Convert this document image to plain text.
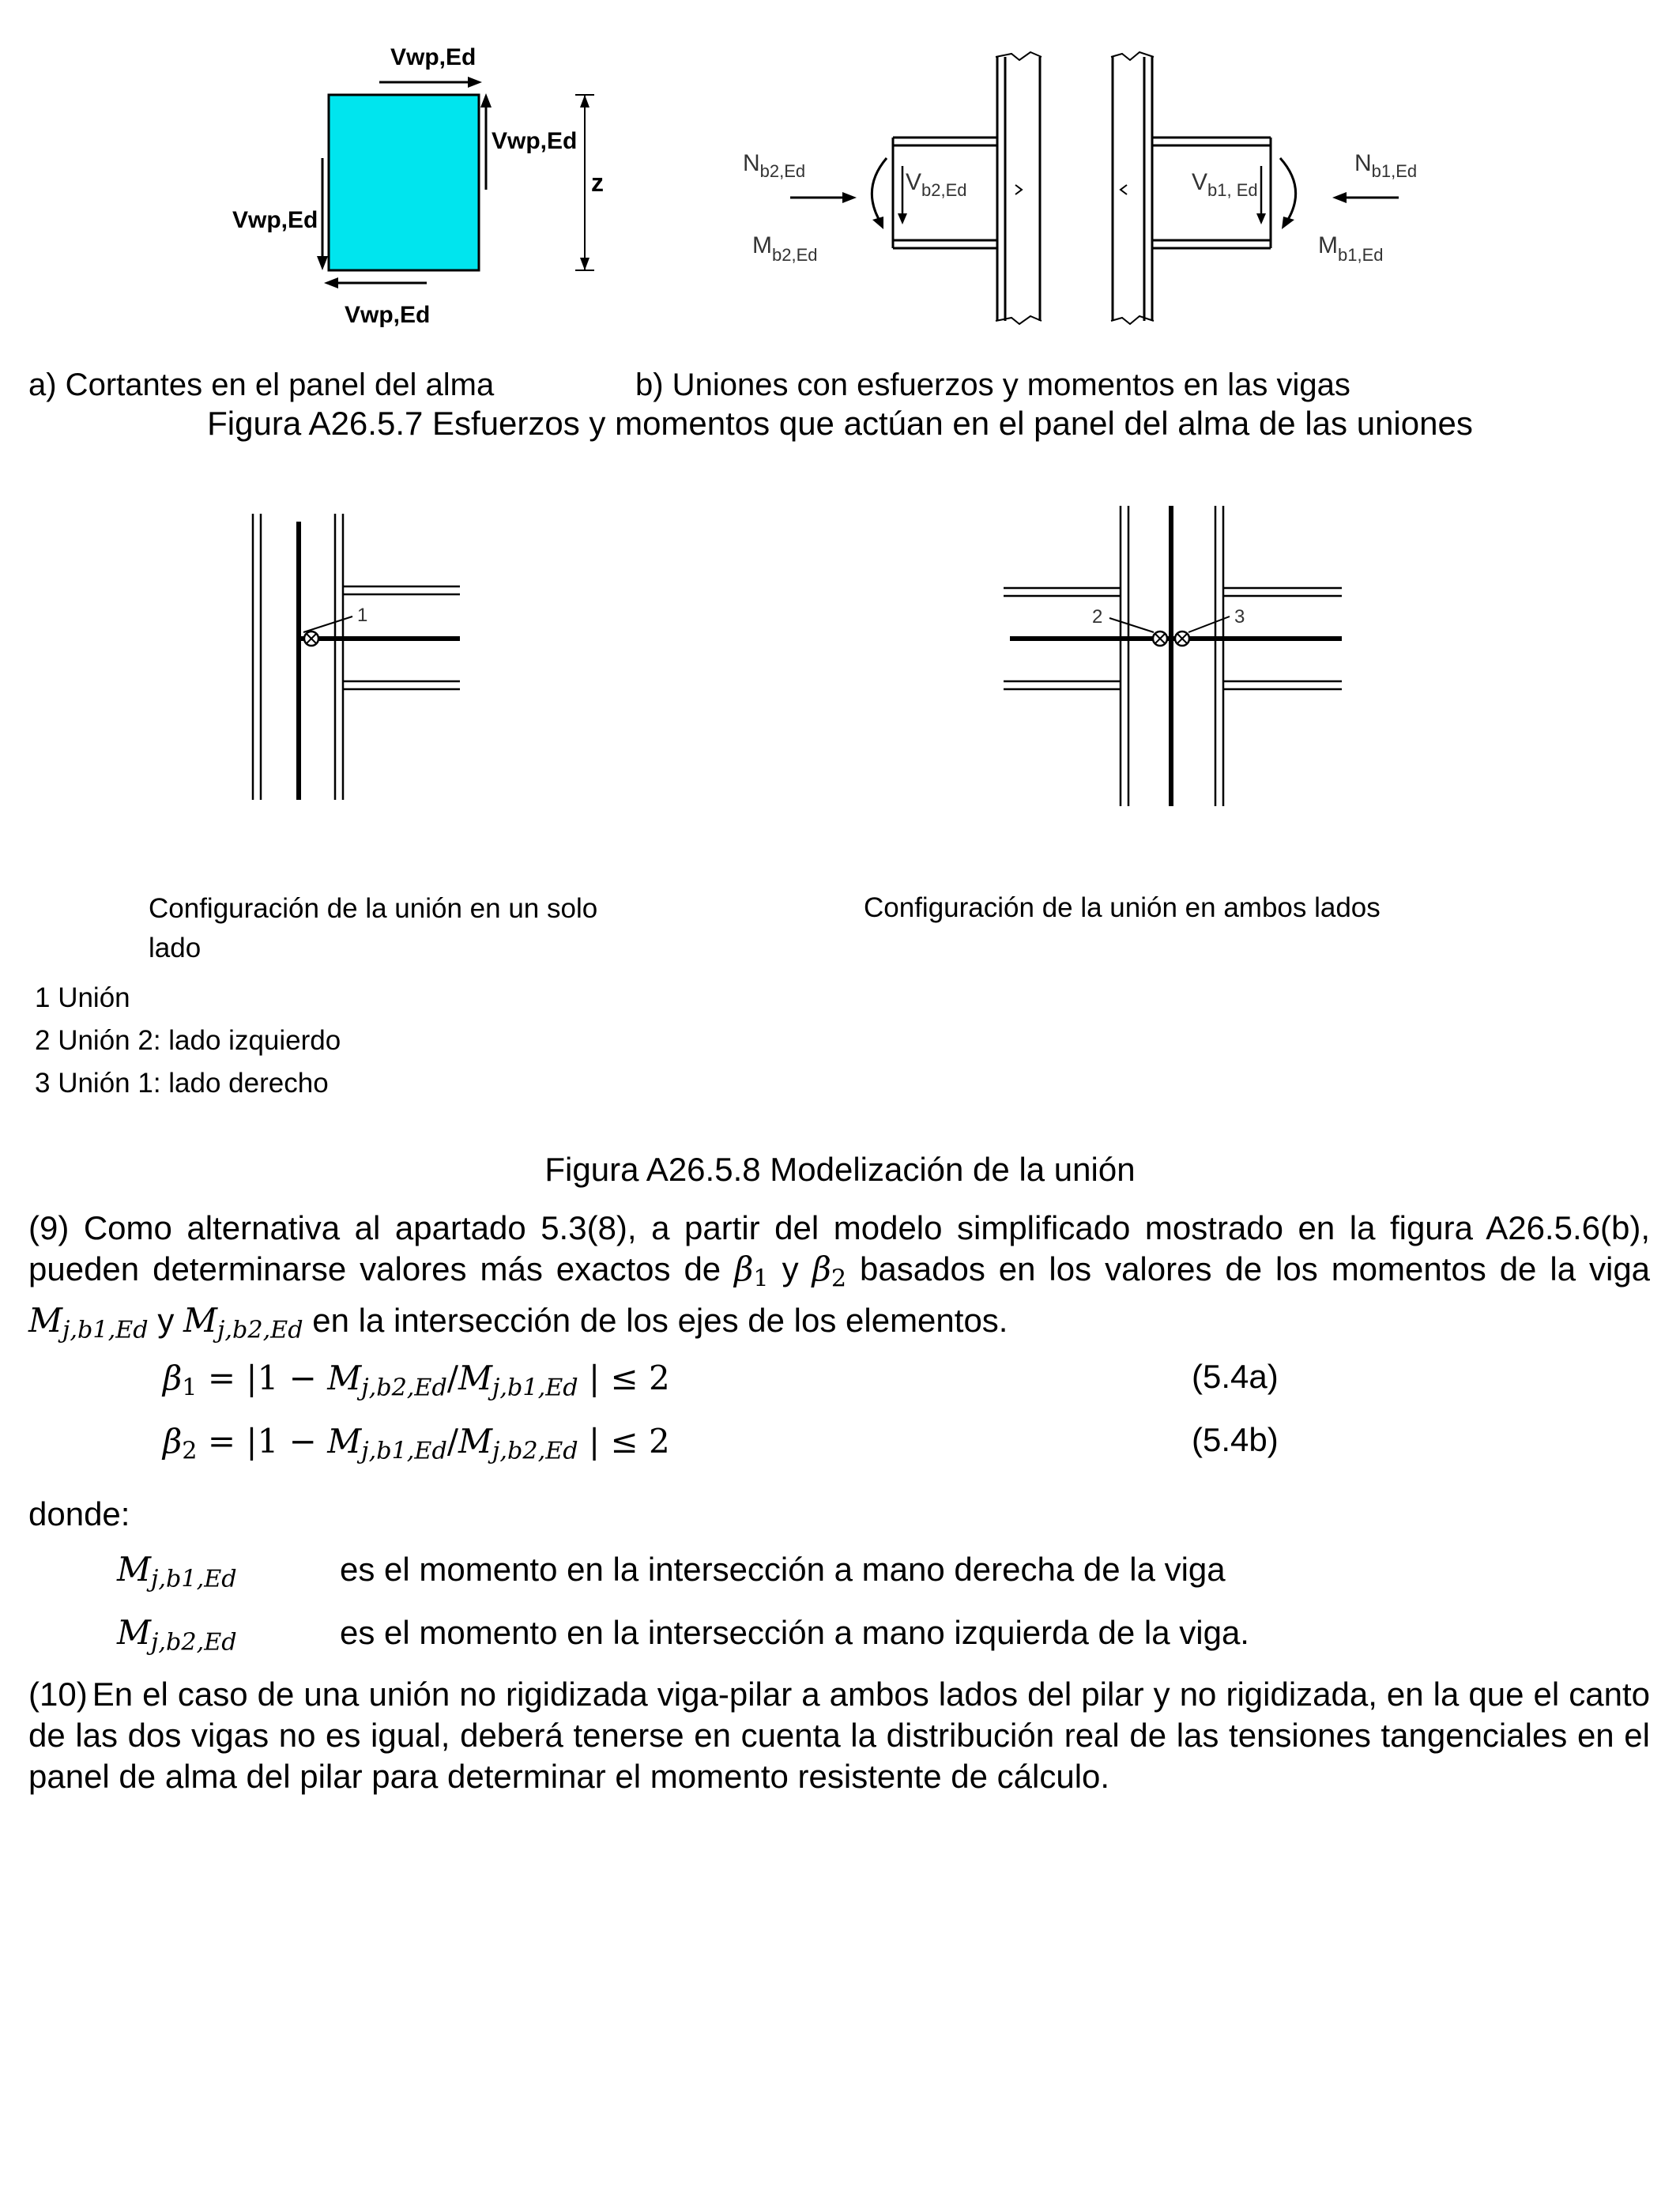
Vwp,Ed
Vwp,Ed
Vwp,Ed
Vwp,Ed
z
$N_{b2,Ed}$	$V_{b2,Ed}$
$M_{b2,Ed}$
$N_{b1,Ed}$
$V_{b1, Ed}$
$M_{b1,Ed}$
a) Cortantes en el panel del alma	b) Uniones con esfuerzos y momentos en las vigas
Figura A26.5.7 Esfuerzos y momentos que actúan en el panel del alma de las uniones
1	2	3
Configuración de la unión en un solo lado
Configuración de la unión en ambos lados
1 Unión
2 Unión 2: lado izquierdo
3 Unión 1: lado derecho
Figura A26.5.8 Modelización de la unión
(9) Como alternativa al apartado 5.3(8), a partir del modelo simplificado mostrado en la figura A26.5.6(b), pueden determinarse valores más exactos de $\beta_1$ y $\beta_2$ basados en los valores de los momentos de la viga $M_{j,b1,Ed}$ y $M_{j,b2,Ed}$ en la intersección de los ejes de los elementos.
$\beta_1 = |1 - M_{j,b2,Ed}/M_{j,b1,Ed}$ | ≤ 2	(5.4a)
$\beta_2 = |1 - M_{j,b1,Ed}/M_{j,b2,Ed}$ | ≤ 2	(5.4b)
donde:
$M_{j,b1,Ed}$	es el momento en la intersección a mano derecha de la viga
$M_{j,b2,Ed}$	es el momento en la intersección a mano izquierda de la viga.
(10) En el caso de una unión no rigidizada viga-pilar a ambos lados del pilar y no rigidizada, en la que el canto de las dos vigas no es igual, deberá tenerse en cuenta la distribución real de las tensiones tangenciales en el panel de alma del pilar para determinar el momento resistente de cálculo.
